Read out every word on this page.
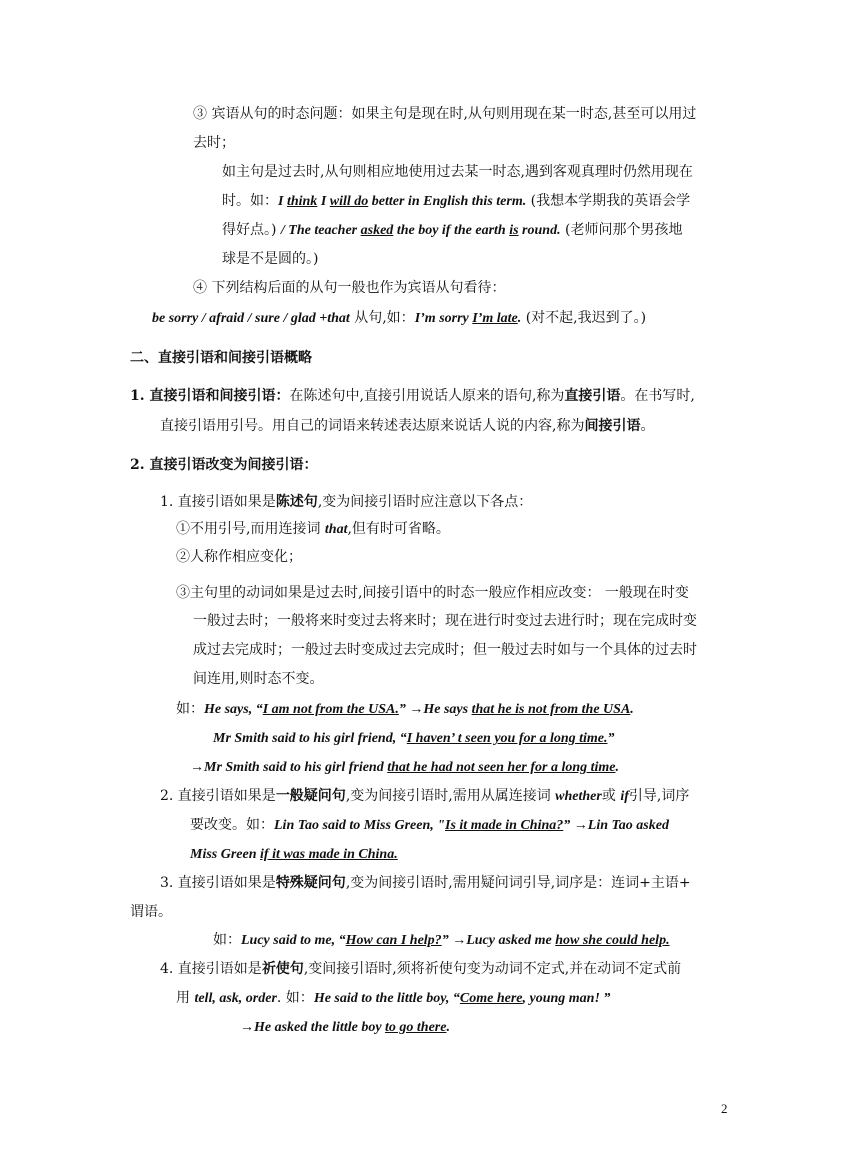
③ 宾语从句的时态问题：如果主句是现在时,从句则用现在某一时态,甚至可以用过
去时；
如主句是过去时,从句则相应地使用过去某一时态,遇到客观真理时仍然用现在
时。如：I think I will do better in English this term. (我想本学期我的英语会学
得好点。) / The teacher asked the boy if the earth is round. (老师问那个男孩地
球是不是圆的。)
④ 下列结构后面的从句一般也作为宾语从句看待：
be sorry / afraid / sure / glad +that 从句,如：I’m sorry I’m late. (对不起,我迟到了。)
二、直接引语和间接引语概略
1. 直接引语和间接引语：在陈述句中,直接引用说话人原来的语句,称为直接引语。在书写时,
直接引语用引号。用自己的词语来转述表达原来说话人说的内容,称为间接引语。
2. 直接引语改变为间接引语：
1. 直接引语如果是陈述句,变为间接引语时应注意以下各点：
①不用引号,而用连接词 that,但有时可省略。
②人称作相应变化；
③主句里的动词如果是过去时,间接引语中的时态一般应作相应改变： 一般现在时变
一般过去时；一般将来时变过去将来时；现在进行时变过去进行时；现在完成时变
成过去完成时；一般过去时变成过去完成时；但一般过去时如与一个具体的过去时
间连用,则时态不变。
如：He says, “I am not from the USA.” →He says that he is not from the USA.
Mr Smith said to his girl friend, “I haven’ t seen you for a long time.”
→Mr Smith said to his girl friend that he had not seen her for a long time.
2. 直接引语如果是一般疑问句,变为间接引语时,需用从属连接词 whether或 if引导,词序
要改变。如：Lin Tao said to Miss Green, "Is it made in China?” →Lin Tao asked
Miss Green if it was made in China.
3. 直接引语如果是特殊疑问句,变为间接引语时,需用疑问词引导,词序是：连词+主语+
谓语。
如：Lucy said to me, “How can I help?” →Lucy asked me how she could help.
4. 直接引语如是祈使句,变间接引语时,须将祈使句变为动词不定式,并在动词不定式前
用 tell, ask, order. 如：He said to the little boy, “Come here, young man! ”
→He asked the little boy to go there.
2
